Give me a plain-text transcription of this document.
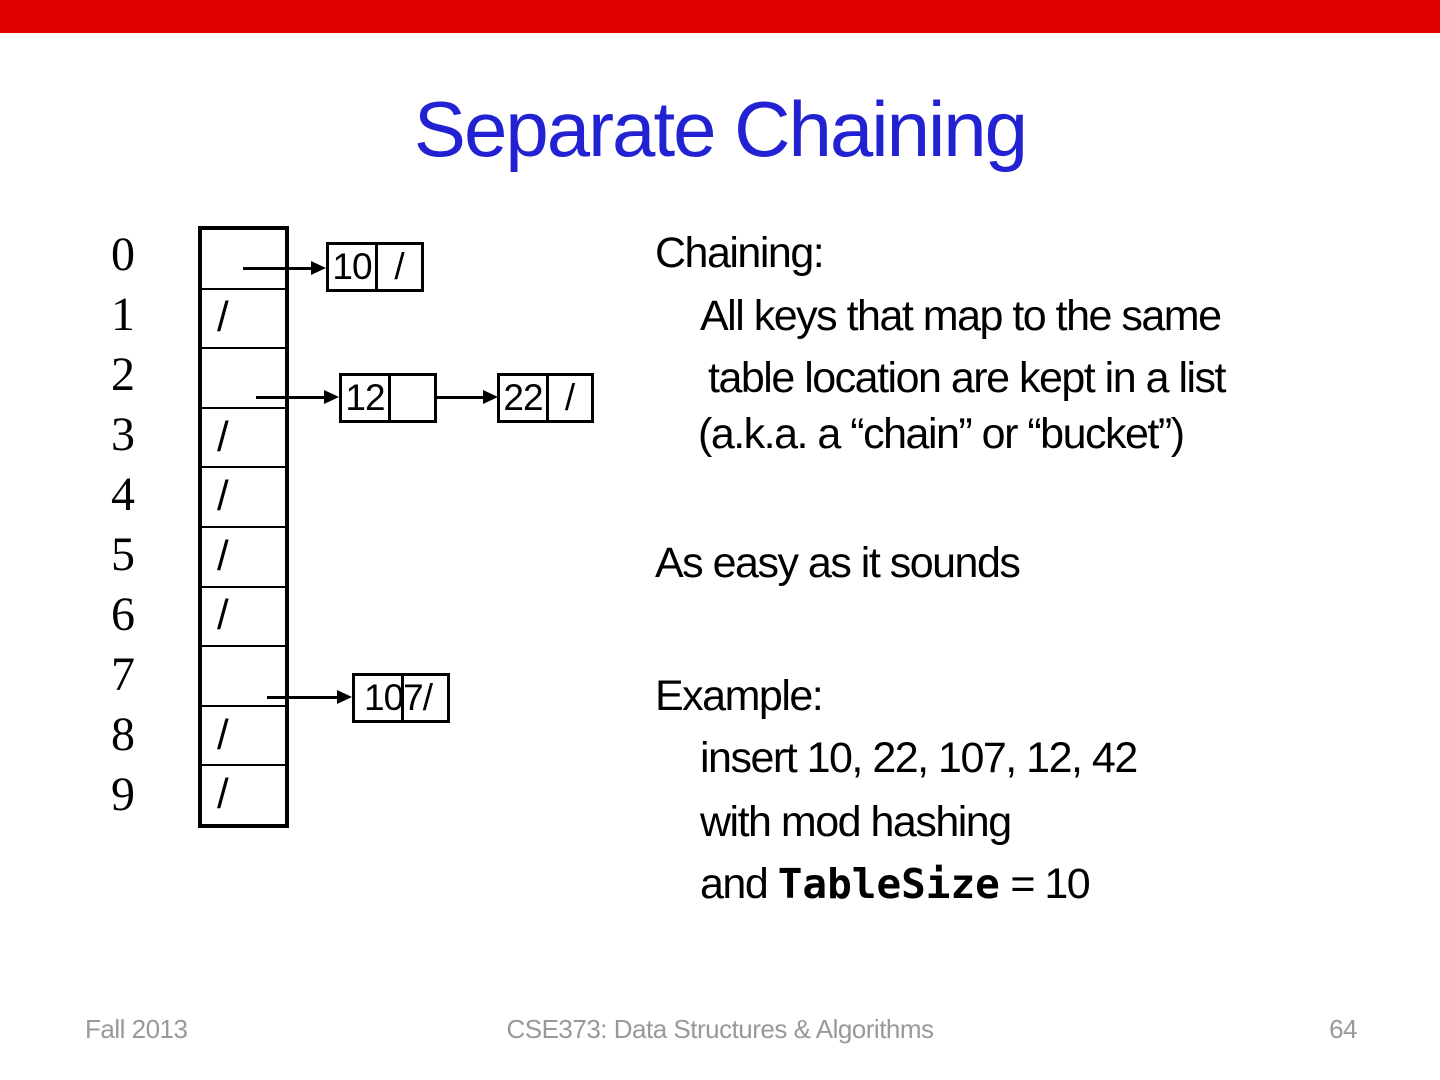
Separate Chaining
0
1
2
3
4
5
6
7
8
9
/
/
/
/
/
/
/
10 /
12	22 /
107/
Chaining:
All keys that map to the same
table location are kept in a list
(a.k.a. a “chain” or “bucket”)
As easy as it sounds
Example:
insert 10, 22, 107, 12, 42
with mod hashing
and TableSize = 10
Fall 2013	CSE373: Data Structures & Algorithms	64
